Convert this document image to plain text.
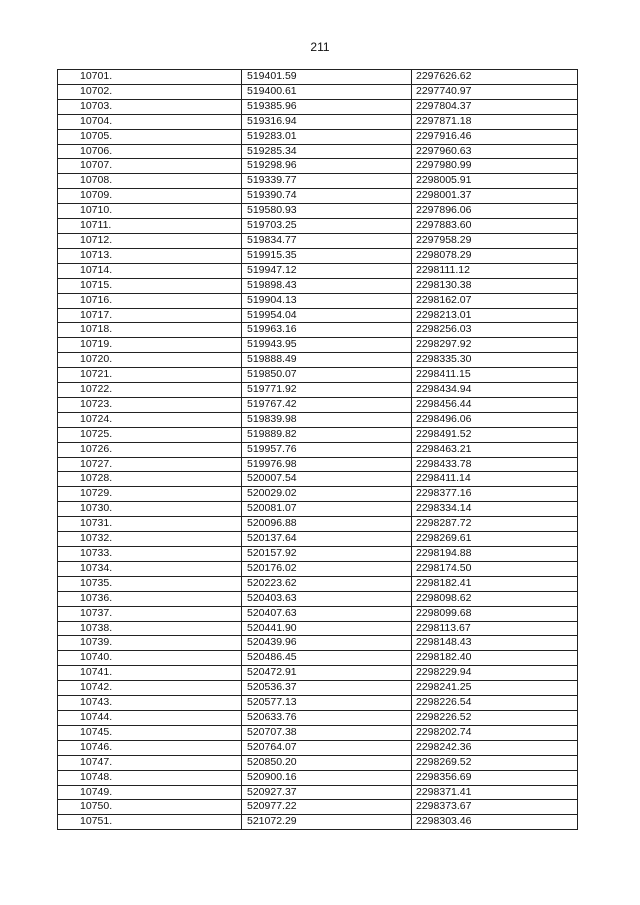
211
10701.	519401.59	2297626.62
10702.	519400.61	2297740.97
10703.	519385.96	2297804.37
10704.	519316.94	2297871.18
10705.	519283.01	2297916.46
10706.	519285.34	2297960.63
10707.	519298.96	2297980.99
10708.	519339.77	2298005.91
10709.	519390.74	2298001.37
10710.	519580.93	2297896.06
10711.	519703.25	2297883.60
10712.	519834.77	2297958.29
10713.	519915.35	2298078.29
10714.	519947.12	2298111.12
10715.	519898.43	2298130.38
10716.	519904.13	2298162.07
10717.	519954.04	2298213.01
10718.	519963.16	2298256.03
10719.	519943.95	2298297.92
10720.	519888.49	2298335.30
10721.	519850.07	2298411.15
10722.	519771.92	2298434.94
10723.	519767.42	2298456.44
10724.	519839.98	2298496.06
10725.	519889.82	2298491.52
10726.	519957.76	2298463.21
10727.	519976.98	2298433.78
10728.	520007.54	2298411.14
10729.	520029.02	2298377.16
10730.	520081.07	2298334.14
10731.	520096.88	2298287.72
10732.	520137.64	2298269.61
10733.	520157.92	2298194.88
10734.	520176.02	2298174.50
10735.	520223.62	2298182.41
10736.	520403.63	2298098.62
10737.	520407.63	2298099.68
10738.	520441.90	2298113.67
10739.	520439.96	2298148.43
10740.	520486.45	2298182.40
10741.	520472.91	2298229.94
10742.	520536.37	2298241.25
10743.	520577.13	2298226.54
10744.	520633.76	2298226.52
10745.	520707.38	2298202.74
10746.	520764.07	2298242.36
10747.	520850.20	2298269.52
10748.	520900.16	2298356.69
10749.	520927.37	2298371.41
10750.	520977.22	2298373.67
10751.	521072.29	2298303.46
